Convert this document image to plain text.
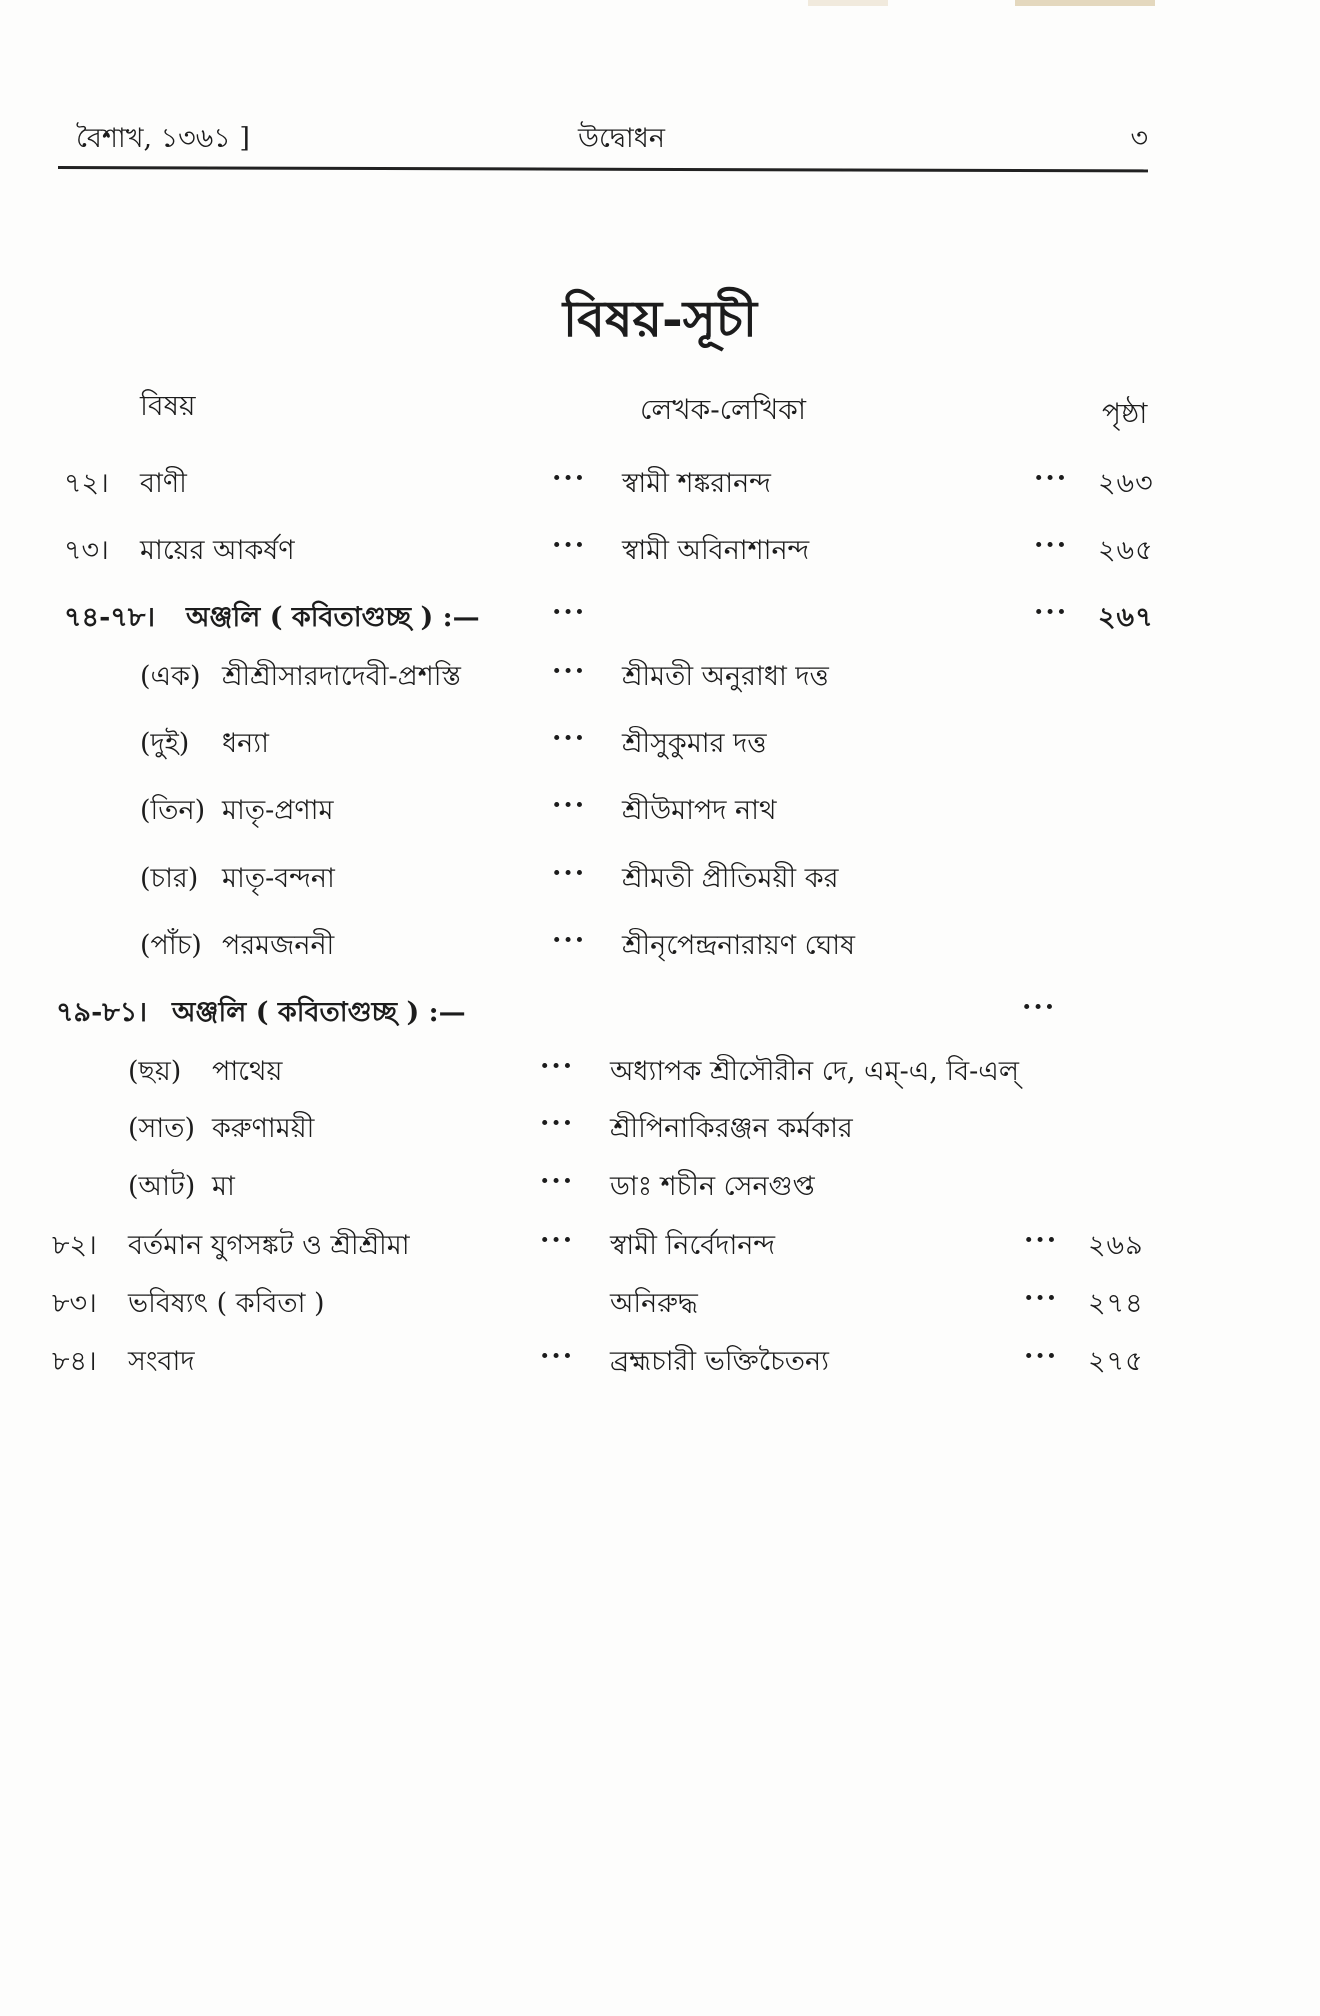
বৈশাখ, ১৩৬১ ]	উদ্বোধন	৩
বিষয়-সূচী
বিষয়	লেখক-লেখিকা	পৃষ্ঠা
৭২। বাণী	··· স্বামী শঙ্করানন্দ	··· ২৬৩
৭৩। মায়ের আকর্ষণ	··· স্বামী অবিনাশানন্দ	··· ২৬৫
৭৪-৭৮। অঞ্জলি ( কবিতাগুচ্ছ ) :—	···	··· ২৬৭
(এক) শ্রীশ্রীসারদাদেবী-প্রশস্তি	··· শ্রীমতী অনুরাধা দত্ত
(দুই) ধন্যা	··· শ্রীসুকুমার দত্ত
(তিন) মাতৃ-প্রণাম	··· শ্রীউমাপদ নাথ
(চার) মাতৃ-বন্দনা	··· শ্রীমতী প্রীতিময়ী কর
(পাঁচ) পরমজননী	··· শ্রীনৃপেন্দ্রনারায়ণ ঘোষ
৭৯-৮১। অঞ্জলি ( কবিতাগুচ্ছ ) :—	···
(ছয়) পাথেয়	··· অধ্যাপক শ্রীসৌরীন দে, এম্-এ, বি-এল্
(সাত) করুণাময়ী	··· শ্রীপিনাকিরঞ্জন কর্মকার
(আট) মা	··· ডাঃ শচীন সেনগুপ্ত
৮২। বর্তমান যুগসঙ্কট ও শ্রীশ্রীমা	··· স্বামী নির্বেদানন্দ	··· ২৬৯
৮৩। ভবিষ্যৎ ( কবিতা )	অনিরুদ্ধ	··· ২৭৪
৮৪। সংবাদ	··· ব্রহ্মচারী ভক্তিচৈতন্য	··· ২৭৫
